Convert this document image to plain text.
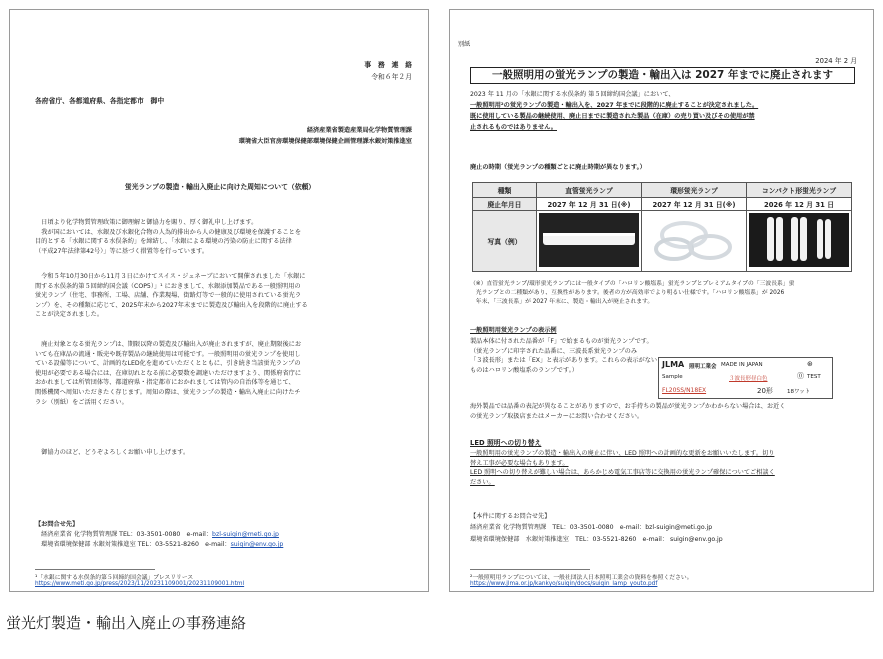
事　務　連　絡
令和６年２月
各府省庁、各都道府県、各指定都市　御中
経済産業省製造産業局化学物質管理課
環境省大臣官房環境保健部環境保健企画管理課水銀対策推進室
蛍光ランプの製造・輸出入廃止に向けた周知について（依頼）
　日頃より化学物質管理政策に御理解と御協力を賜り、厚く御礼申し上げます。
　我が国においては、水銀及び水銀化合物の人為的排出から人の健康及び環境を保護することを
目的とする「水銀に関する水俣条約」を締結し、「水銀による環境の汚染の防止に関する法律
（平成27年法律第42号）」等に基づく措置等を行っています。
　令和５年10月30日から11月３日にかけてスイス・ジュネーブにおいて開催されました「水銀に
関する水俣条約第５回締約国会議（COP5）」¹ におきまして、水銀添加製品である一般照明用の
蛍光ランプ（住宅、事務所、工場、店舗、作業現場、街路灯等で一般的に使用されている蛍光ラ
ンプ）を、その種類に応じて、2025年末から2027年末までに製造及び輸出入を段階的に廃止する
ことが決定されました。
　廃止対象となる蛍光ランプは、期限以降の製造及び輸出入が廃止されますが、廃止期限後にお
いても在庫品の流通・販売や既存製品の継続使用は可能です。一般照明用の蛍光ランプを使用し
ている設備等について、計画的なLED化を進めていただくとともに、引き続き当該蛍光ランプの
使用が必要である場合には、在庫切れとなる前に必要数を調達いただけますよう、関係府省庁に
おかれましては所管団体等、都道府県・指定都市におかれましては管内の自治体等を通じて、
関係機関へ周知いただきたく存じます。周知の際は、蛍光ランプの製造・輸出入廃止に向けたチ
ラシ（別紙）をご活用ください。
　御協力のほど、どうぞよろしくお願い申し上げます。
【お問合せ先】
経済産業省 化学物質管理課 TEL：03-3501-0080　e-mail：bzl-suigin@meti.go.jp
環境省環境保健部 水銀対策推進室 TEL：03-5521-8260　e-mail：suigin@env.go.jp
¹「水銀に関する水俣条約第５回締約国会議」プレスリリース
https://www.meti.go.jp/press/2023/11/20231109001/20231109001.html
別紙
2024 年 2 月
一般照明用の蛍光ランプの製造・輸出入は 2027 年までに廃止されます
2023 年 11 月の「水銀に関する水俣条約 第５回締約国会議」において、
一般照明用²の蛍光ランプの製造・輸出入を、2027 年までに段階的に廃止することが決定されました。
既に使用している製品の継続使用、廃止日までに製造された製品（在庫）の売り買い及びその使用が禁
止されるものではありません。
廃止の時期（蛍光ランプの種類ごとに廃止時期が異なります。）
種類	直管蛍光ランプ	環形蛍光ランプ	コンパクト形蛍光ランプ
廃止年月日	2027 年 12 月 31 日(※)	2027 年 12 月 31 日(※)	2026 年 12 月 31 日
写真（例）			
（※）直管蛍光ランプ/環形蛍光ランプには一般タイプの「ハロリン酸塩系」蛍光ランプとプレミアムタイプの「三波長系」蛍
　光ランプとの二種類があり、互換性があります。後者の方が高効率でより明るい仕様です。「ハロリン酸塩系」が 2026
　年末、「三波長系」が 2027 年末に、製造・輸出入が廃止されます。
一般照明用蛍光ランプの表示例
製品本体に付された品番が「F」で始まるものが蛍光ランプです。
（蛍光ランプに印字された品番に、三波長系蛍光ランプのみ
「３波長形」または「EX」と表示があります。これらの表示がない
ものはハロリン酸塩系のランプです。）
JLMA 照明工業会 MADE IN JAPAN	⊛
Sample	３波長形昼白色	⓪ TEST
FL20SS/N18EX	20形	18ワット
海外製品では品番の表記が異なることがありますので、お手持ちの製品が蛍光ランプかわからない場合は、お近く
の蛍光ランプ取扱店またはメーカーにお問い合わせください。
LED 照明への切り替え
一般照明用の蛍光ランプの製造・輸出入の廃止に伴い、LED 照明への計画的な更新をお願いいたします。切り
替え工事が必要な場合もあります。
LED 照明への切り替えが難しい場合は、あらかじめ電気工事店等に交換用の蛍光ランプ確保についてご相談く
ださい。
【本件に関するお問合せ先】
経済産業省 化学物質管理課　TEL：03-3501-0080　e-mail：bzl-suigin@meti.go.jp
環境省環境保健部　水銀対策推進室　TEL：03-5521-8260　e-mail： suigin@env.go.jp
²一般照明用ランプについては、一般社団法人日本照明工業会の資料を参照ください。
https://www.jlma.or.jp/kankyo/suigin/docs/suigin_lamp_youto.pdf
蛍光灯製造・輸出入廃止の事務連絡
